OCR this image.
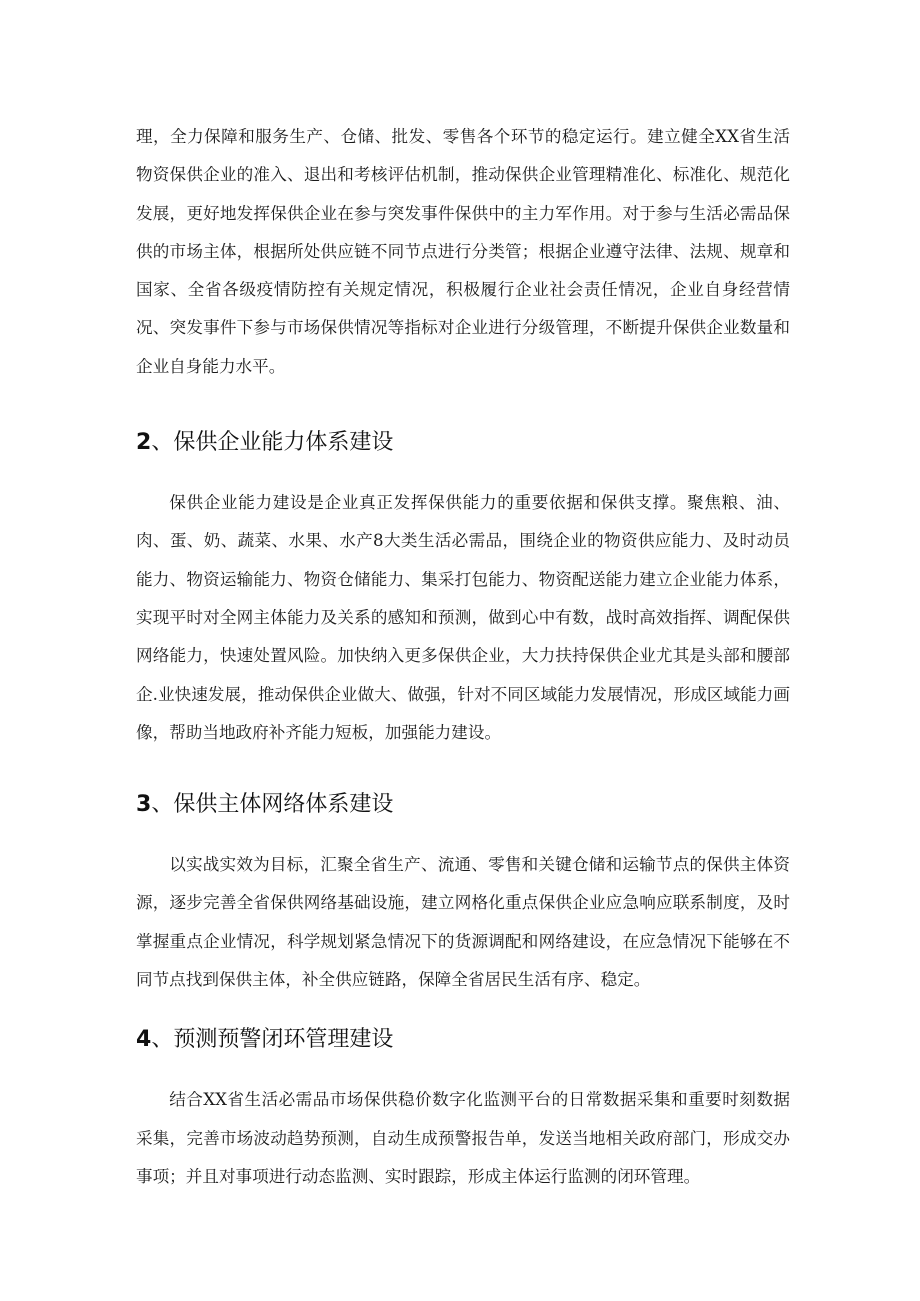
理，全力保障和服务生产、仓储、批发、零售各个环节的稳定运行。建立健全XX省生活物资保供企业的准入、退出和考核评估机制，推动保供企业管理精准化、标准化、规范化发展，更好地发挥保供企业在参与突发事件保供中的主力军作用。对于参与生活必需品保供的市场主体，根据所处供应链不同节点进行分类管；根据企业遵守法律、法规、规章和国家、全省各级疫情防控有关规定情况，积极履行企业社会责任情况，企业自身经营情况、突发事件下参与市场保供情况等指标对企业进行分级管理，不断提升保供企业数量和企业自身能力水平。

2、保供企业能力体系建设

保供企业能力建设是企业真正发挥保供能力的重要依据和保供支撑。聚焦粮、油、肉、蛋、奶、蔬菜、水果、水产8大类生活必需品，围绕企业的物资供应能力、及时动员能力、物资运输能力、物资仓储能力、集采打包能力、物资配送能力建立企业能力体系，实现平时对全网主体能力及关系的感知和预测，做到心中有数，战时高效指挥、调配保供网络能力，快速处置风险。加快纳入更多保供企业，大力扶持保供企业尤其是头部和腰部企.业快速发展，推动保供企业做大、做强，针对不同区域能力发展情况，形成区域能力画像，帮助当地政府补齐能力短板，加强能力建设。

3、保供主体网络体系建设

以实战实效为目标，汇聚全省生产、流通、零售和关键仓储和运输节点的保供主体资源，逐步完善全省保供网络基础设施，建立网格化重点保供企业应急响应联系制度，及时掌握重点企业情况，科学规划紧急情况下的货源调配和网络建设，在应急情况下能够在不同节点找到保供主体，补全供应链路，保障全省居民生活有序、稳定。

4、预测预警闭环管理建设

结合XX省生活必需品市场保供稳价数字化监测平台的日常数据采集和重要时刻数据采集，完善市场波动趋势预测，自动生成预警报告单，发送当地相关政府部门，形成交办事项；并且对事项进行动态监测、实时跟踪，形成主体运行监测的闭环管理。
